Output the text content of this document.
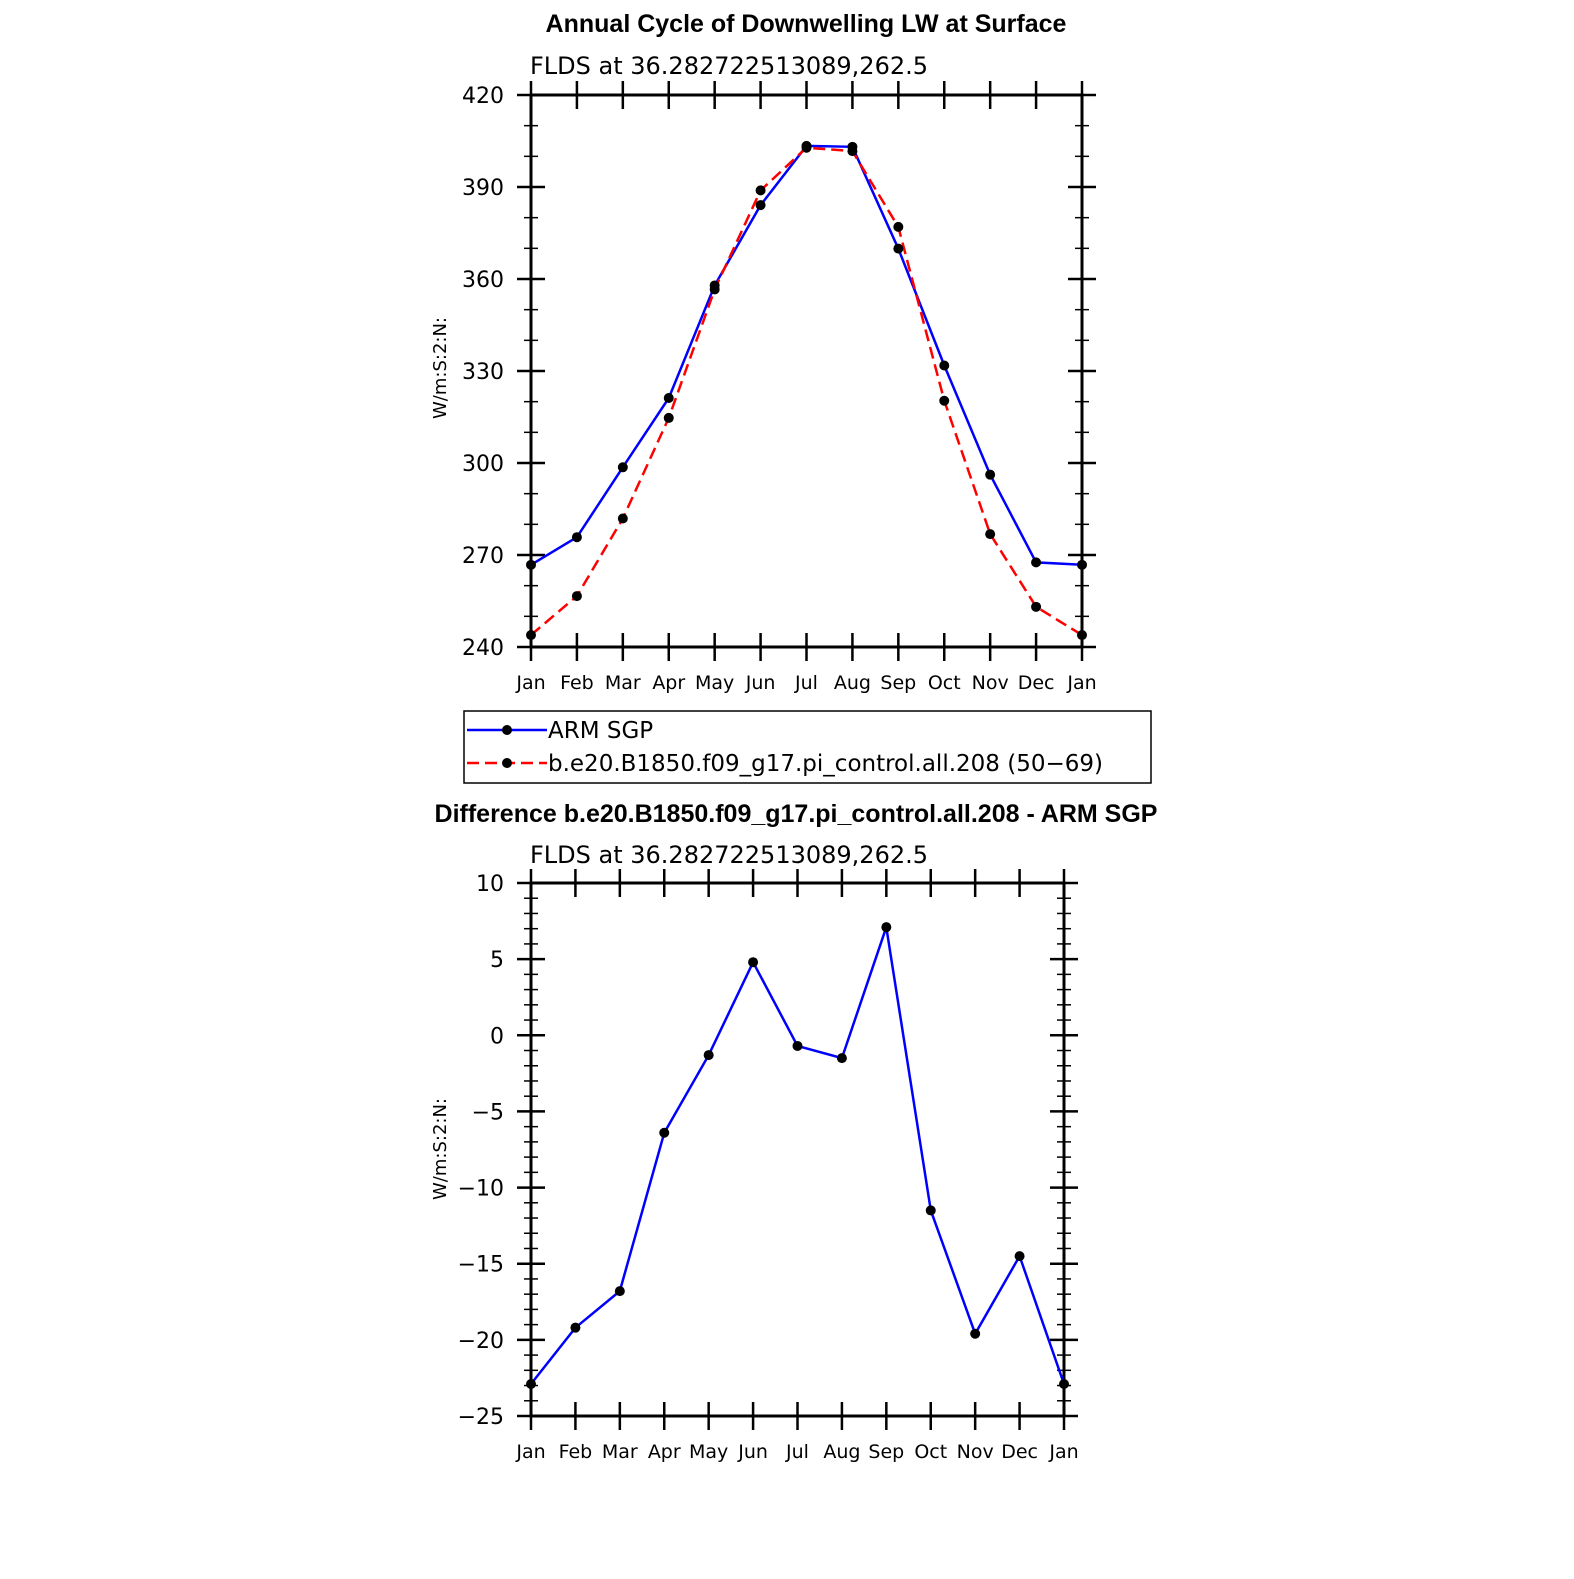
Annual Cycle of Downwelling LW at Surface
FLDS at 36.282722513089,262.5
W/m:S:2:N:
240
270
300
330
360
390
420
Jan Feb Mar Apr May Jun Jul Aug Sep Oct Nov Dec Jan
ARM SGP
b.e20.B1850.f09_g17.pi_control.all.208 (50−69)
Difference b.e20.B1850.f09_g17.pi_control.all.208 - ARM SGP
FLDS at 36.282722513089,262.5
W/m:S:2:N:
−25
−20
−15
−10
−5
0
5
10
Jan Feb Mar Apr May Jun Jul Aug Sep Oct Nov Dec Jan
